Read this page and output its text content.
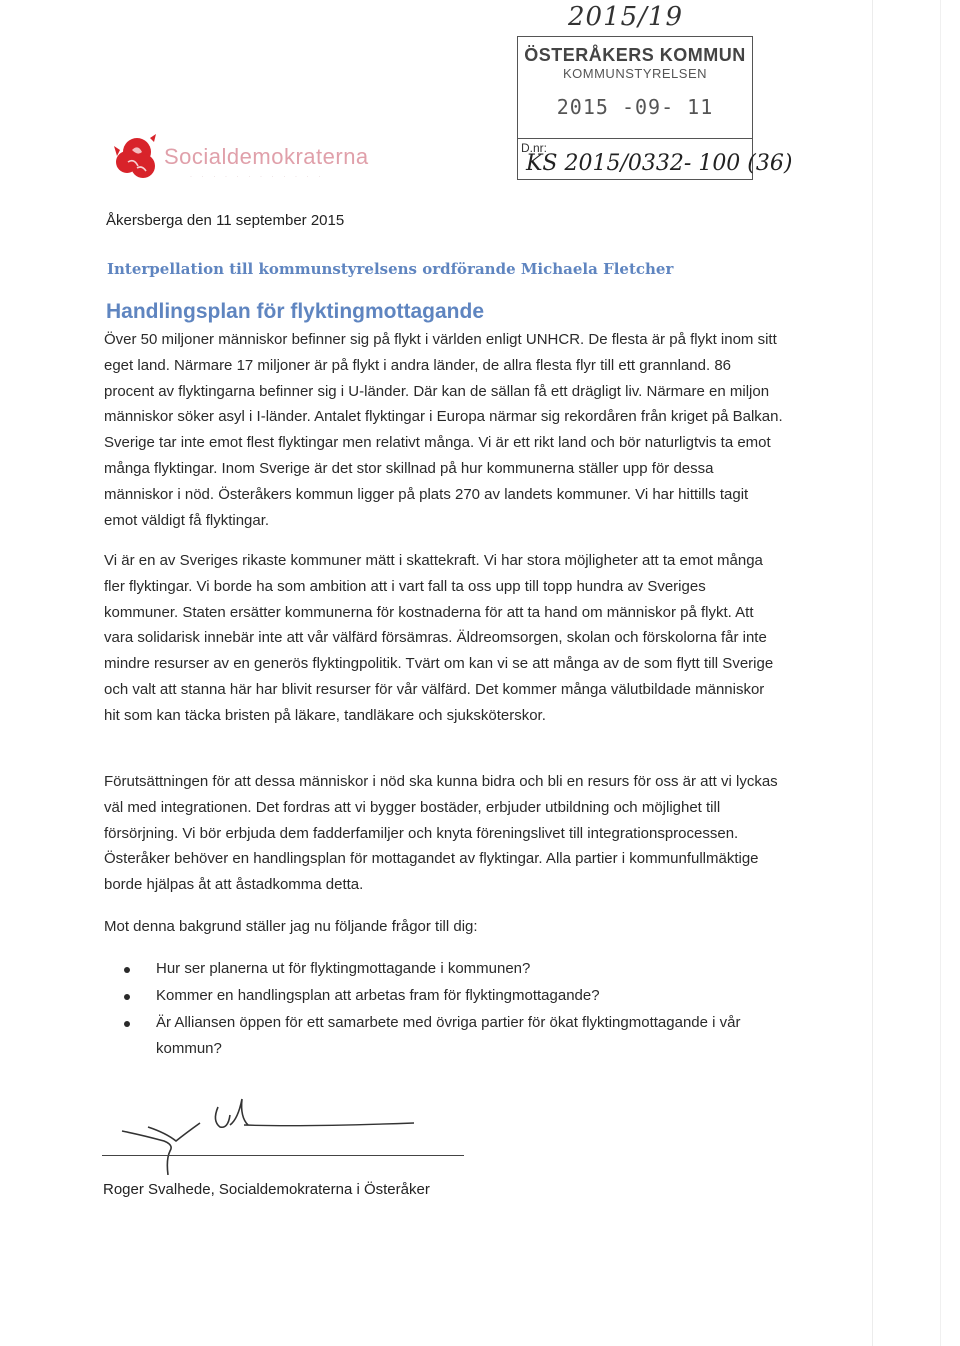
2015/19
ÖSTERÅKERS KOMMUN
KOMMUNSTYRELSEN
2015 -09- 11
D.nr:
KS 2015/0332- 100 (36)
Socialdemokraterna
· · · · · · · · · · · ·
Åkersberga den 11 september 2015
Interpellation till kommunstyrelsens ordförande Michaela Fletcher
Handlingsplan för flyktingmottagande
Över 50 miljoner människor befinner sig på flykt i världen enligt UNHCR. De flesta är på flykt inom sitt eget land. Närmare 17 miljoner är på flykt i andra länder, de allra flesta flyr till ett grannland. 86 procent av flyktingarna befinner sig i U-länder. Där kan de sällan få ett drägligt liv. Närmare en miljon människor söker asyl i I-länder. Antalet flyktingar i Europa närmar sig rekordåren från kriget på Balkan. Sverige tar inte emot flest flyktingar men relativt många. Vi är ett rikt land och bör naturligtvis ta emot många flyktingar. Inom Sverige är det stor skillnad på hur kommunerna ställer upp för dessa människor i nöd. Österåkers kommun ligger på plats 270 av landets kommuner. Vi har hittills tagit emot väldigt få flyktingar.
Vi är en av Sveriges rikaste kommuner mätt i skattekraft. Vi har stora möjligheter att ta emot många fler flyktingar. Vi borde ha som ambition att i vart fall ta oss upp till topp hundra av Sveriges kommuner. Staten ersätter kommunerna för kostnaderna för att ta hand om människor på flykt. Att vara solidarisk innebär inte att vår välfärd försämras. Äldreomsorgen, skolan och förskolorna får inte mindre resurser av en generös flyktingpolitik. Tvärt om kan vi se att många av de som flytt till Sverige och valt att stanna här har blivit resurser för vår välfärd. Det kommer många välutbildade människor hit som kan täcka bristen på läkare, tandläkare och sjuksköterskor.
Förutsättningen för att dessa människor i nöd ska kunna bidra och bli en resurs för oss är att vi lyckas väl med integrationen. Det fordras att vi bygger bostäder, erbjuder utbildning och möjlighet till försörjning. Vi bör erbjuda dem fadderfamiljer och knyta föreningslivet till integrationsprocessen. Österåker behöver en handlingsplan för mottagandet av flyktingar. Alla partier i kommunfullmäktige borde hjälpas åt att åstadkomma detta.
Mot denna bakgrund ställer jag nu följande frågor till dig:
Hur ser planerna ut för flyktingmottagande i kommunen?
Kommer en handlingsplan att arbetas fram för flyktingmottagande?
Är Alliansen öppen för ett samarbete med övriga partier för ökat flyktingmottagande i vår kommun?
Roger Svalhede, Socialdemokraterna i Österåker
